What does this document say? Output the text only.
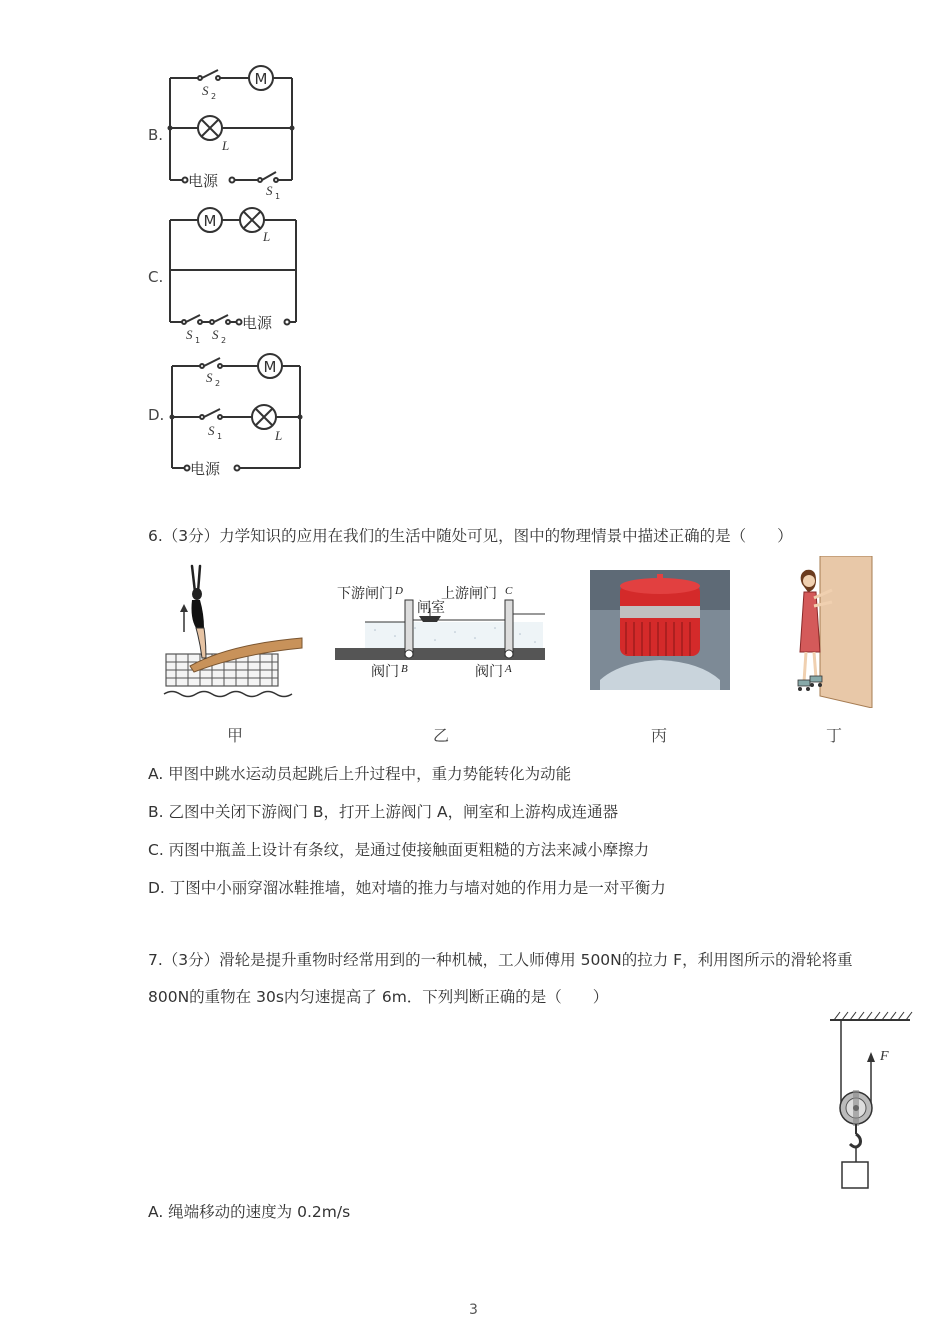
B.
M
L
S 2
电源
S 1
C.
M
L
S 1 S 2
电源
D.
M
S 2
S 1	L
电源
6.（3分）力学知识的应用在我们的生活中随处可见，图中的物理情景中描述正确的是（　　）
下游闸门 D
闸室
上游闸门 C
阀门 B	阀门 A
甲	乙	丙	丁
A. 甲图中跳水运动员起跳后上升过程中，重力势能转化为动能
B. 乙图中关闭下游阀门 B，打开上游阀门 A，闸室和上游构成连通器
C. 丙图中瓶盖上设计有条纹，是通过使接触面更粗糙的方法来减小摩擦力
D. 丁图中小丽穿溜冰鞋推墙，她对墙的推力与墙对她的作用力是一对平衡力
7.（3分）滑轮是提升重物时经常用到的一种机械，工人师傅用 500N的拉力 F，利用图所示的滑轮将重
800N的重物在 30s内匀速提高了 6m．下列判断正确的是（　　）
F
A. 绳端移动的速度为 0.2m/s
3
